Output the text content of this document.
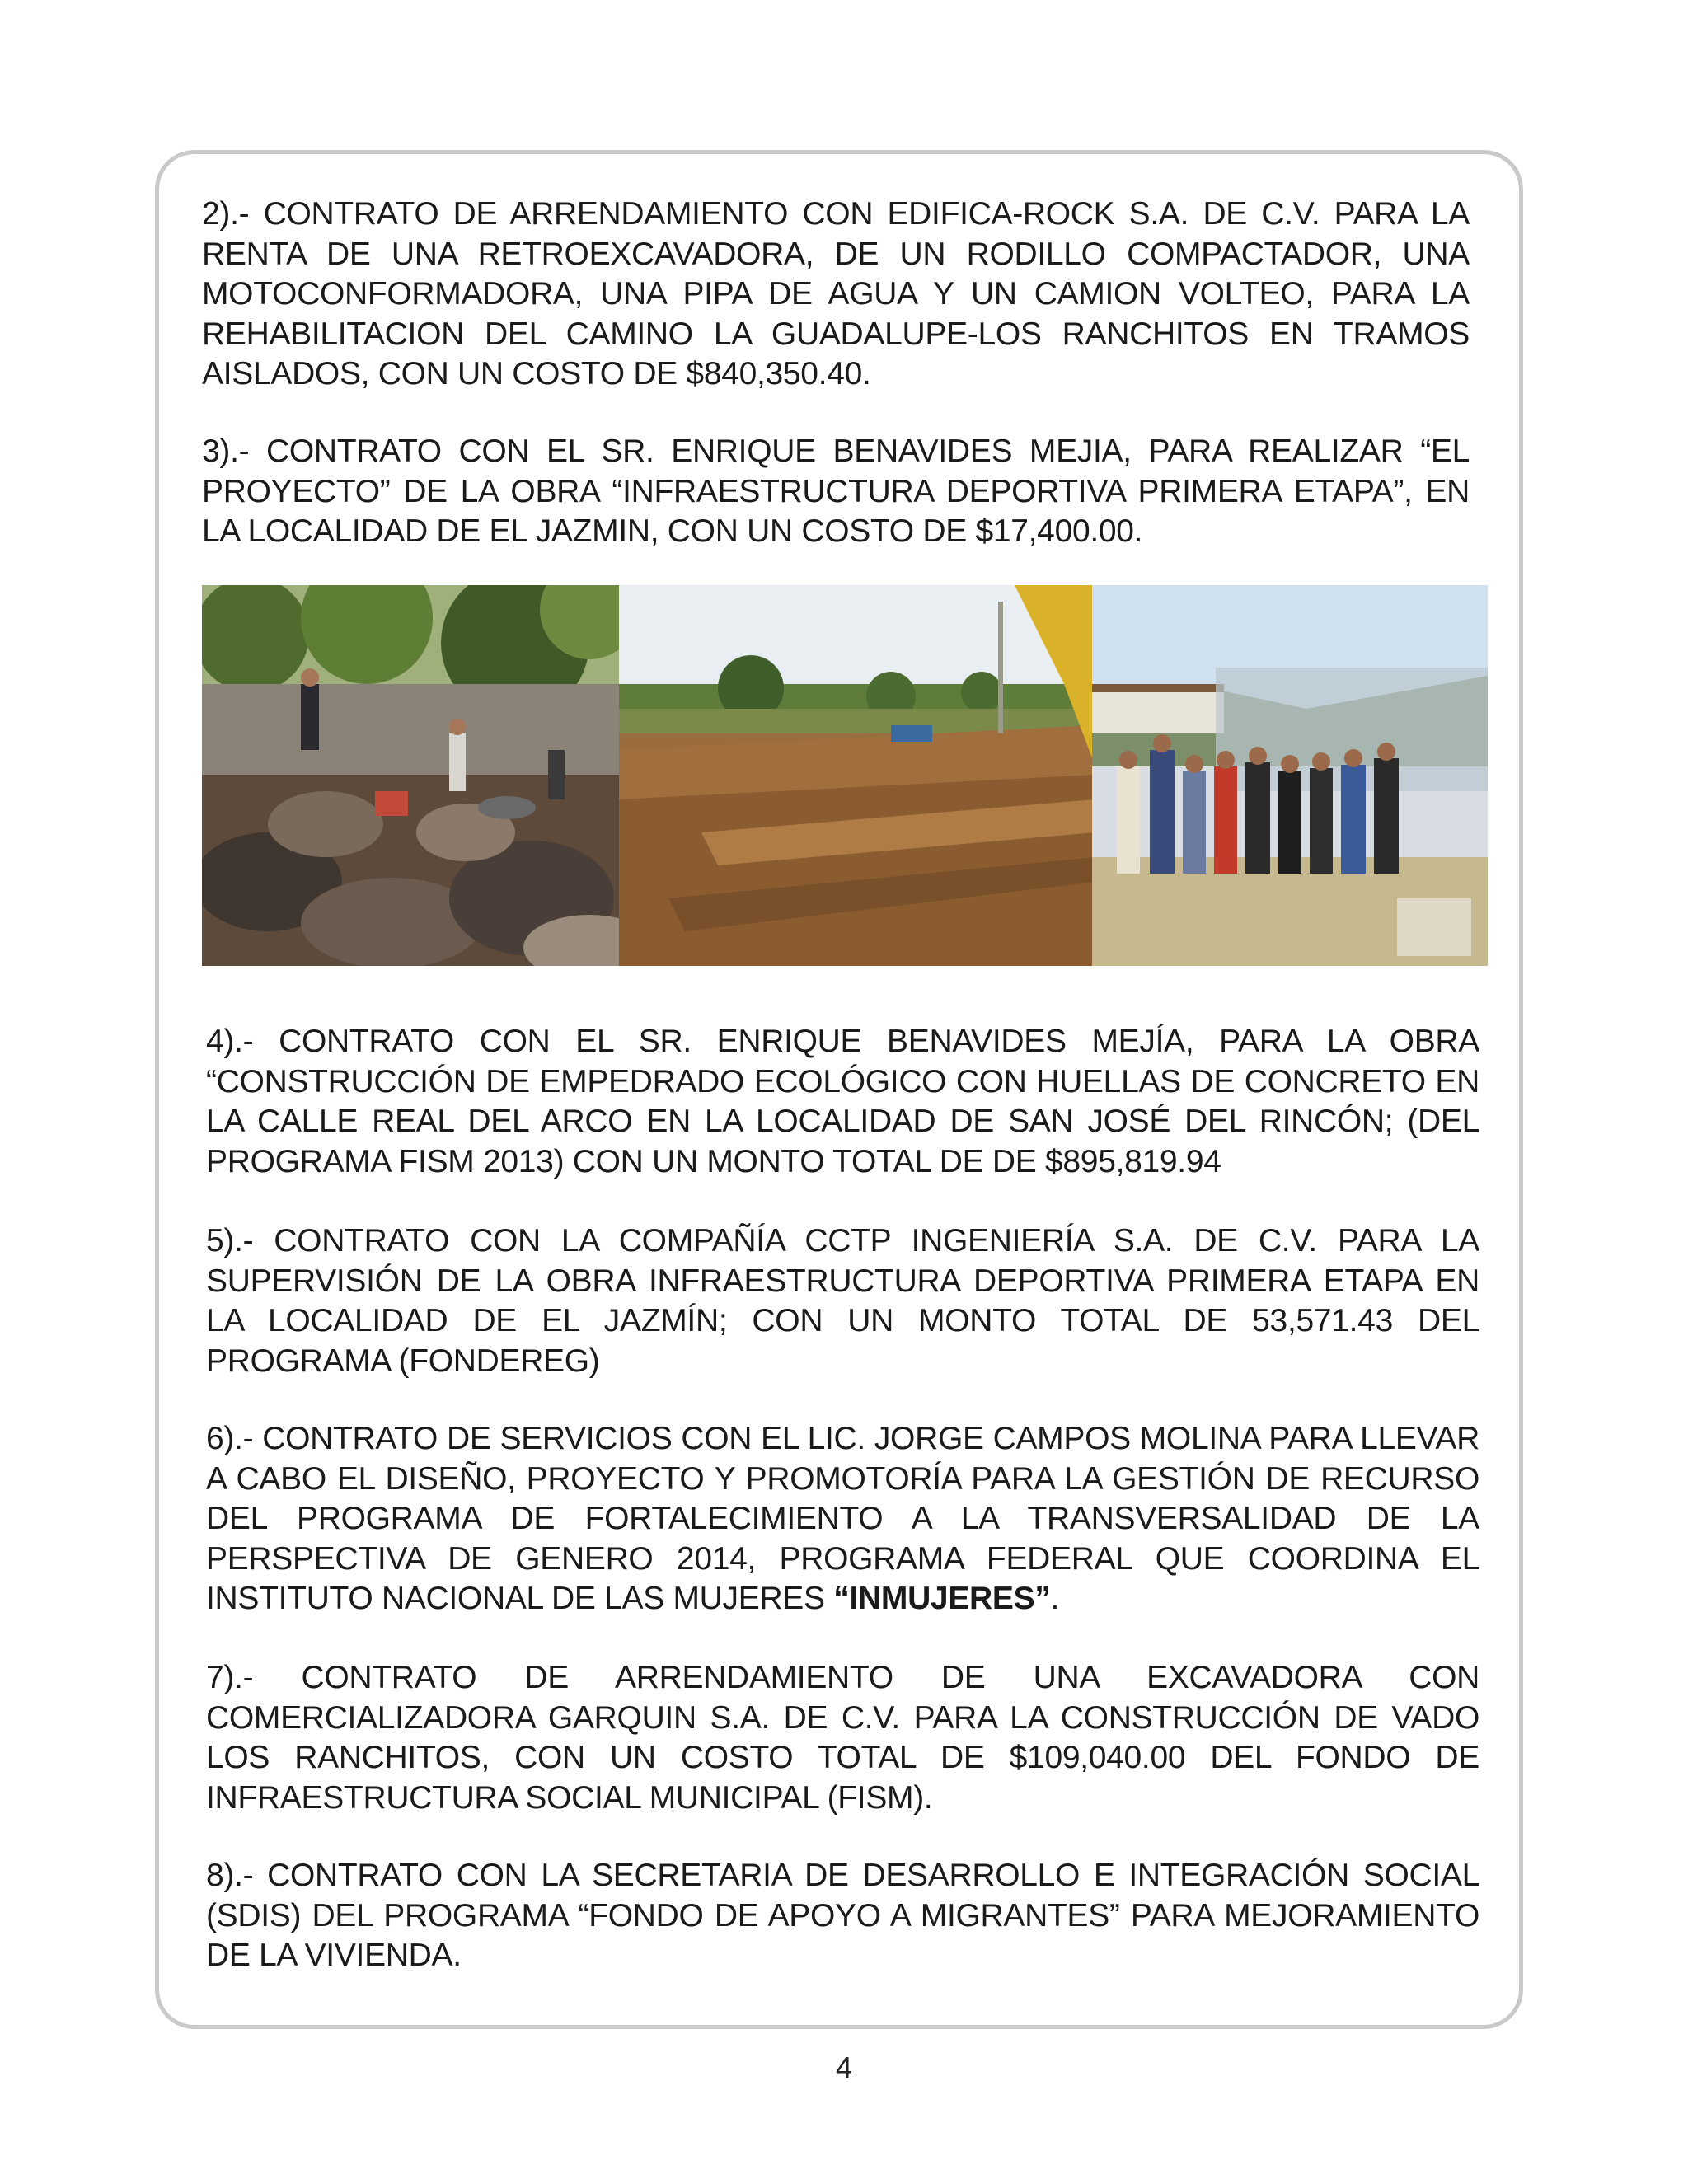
2).- CONTRATO DE ARRENDAMIENTO CON EDIFICA-ROCK S.A. DE C.V. PARA LA RENTA DE UNA RETROEXCAVADORA, DE UN RODILLO COMPACTADOR, UNA MOTOCONFORMADORA, UNA PIPA DE AGUA Y UN CAMION VOLTEO, PARA LA REHABILITACION DEL CAMINO LA GUADALUPE-LOS RANCHITOS EN TRAMOS AISLADOS, CON UN COSTO DE $840,350.40.

3).- CONTRATO CON EL SR. ENRIQUE BENAVIDES MEJIA, PARA REALIZAR “EL PROYECTO” DE LA OBRA “INFRAESTRUCTURA DEPORTIVA PRIMERA ETAPA”, EN LA LOCALIDAD DE EL JAZMIN, CON UN COSTO DE $17,400.00.

4).- CONTRATO CON EL SR. ENRIQUE BENAVIDES MEJÍA, PARA LA OBRA “CONSTRUCCIÓN DE EMPEDRADO ECOLÓGICO CON HUELLAS DE CONCRETO EN LA CALLE REAL DEL ARCO EN LA LOCALIDAD DE SAN JOSÉ DEL RINCÓN; (DEL PROGRAMA FISM 2013) CON UN MONTO TOTAL DE DE $895,819.94

5).- CONTRATO CON LA COMPAÑÍA CCTP INGENIERÍA S.A. DE C.V. PARA LA SUPERVISIÓN DE LA OBRA INFRAESTRUCTURA DEPORTIVA PRIMERA ETAPA EN LA LOCALIDAD DE EL JAZMÍN; CON UN MONTO TOTAL DE 53,571.43 DEL PROGRAMA (FONDEREG)

6).- CONTRATO DE SERVICIOS CON EL LIC. JORGE CAMPOS MOLINA PARA LLEVAR A CABO EL DISEÑO, PROYECTO Y PROMOTORÍA PARA LA GESTIÓN DE RECURSO DEL PROGRAMA DE FORTALECIMIENTO A LA TRANSVERSALIDAD DE LA PERSPECTIVA DE GENERO 2014, PROGRAMA FEDERAL QUE COORDINA EL INSTITUTO NACIONAL DE LAS MUJERES “INMUJERES”.

7).- CONTRATO DE ARRENDAMIENTO DE UNA EXCAVADORA CON COMERCIALIZADORA GARQUIN S.A. DE C.V. PARA LA CONSTRUCCIÓN DE VADO LOS RANCHITOS, CON UN COSTO TOTAL DE $109,040.00 DEL FONDO DE INFRAESTRUCTURA SOCIAL MUNICIPAL (FISM).

8).- CONTRATO CON LA SECRETARIA DE DESARROLLO E INTEGRACIÓN SOCIAL (SDIS) DEL PROGRAMA “FONDO DE APOYO A MIGRANTES” PARA MEJORAMIENTO DE LA VIVIENDA.

4
